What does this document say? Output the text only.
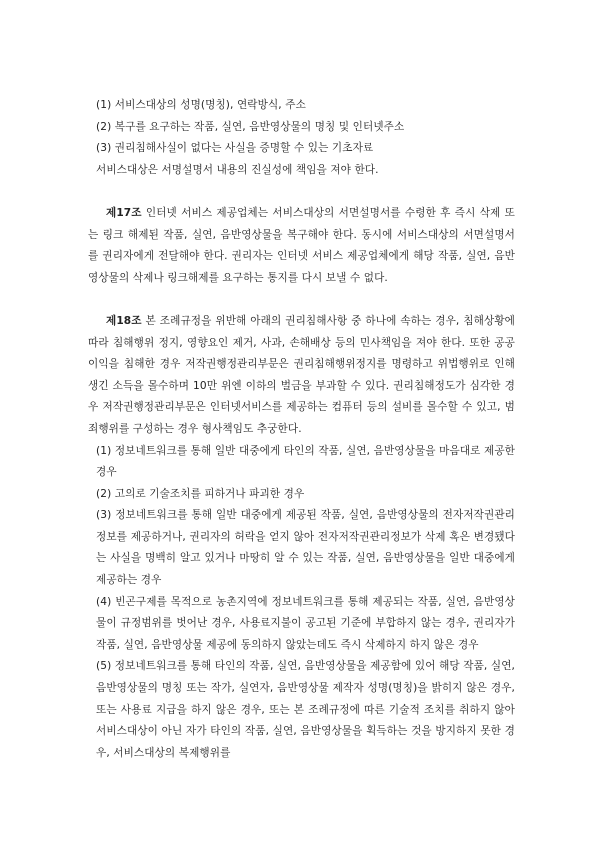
(1) 서비스대상의 성명(명칭), 연락방식, 주소
(2) 복구를 요구하는 작품, 실연, 음반영상물의 명칭 및 인터넷주소
(3) 권리침해사실이 없다는 사실을 증명할 수 있는 기초자료
서비스대상은 서명설명서 내용의 진실성에 책임을 져야 한다.

제17조 인터넷 서비스 제공업체는 서비스대상의 서면설명서를 수령한 후 즉시 삭제 또는 링크 해제된 작품, 실연, 음반영상물을 복구해야 한다. 동시에 서비스대상의 서면설명서를 권리자에게 전달해야 한다. 권리자는 인터넷 서비스 제공업체에게 해당 작품, 실연, 음반영상물의 삭제나 링크해제를 요구하는 통지를 다시 보낼 수 없다.

제18조 본 조례규정을 위반해 아래의 권리침해사항 중 하나에 속하는 경우, 침해상황에 따라 침해행위 정지, 영향요인 제거, 사과, 손해배상 등의 민사책임을 져야 한다. 또한 공공이익을 침해한 경우 저작권행정관리부문은 권리침해행위정지를 명령하고 위법행위로 인해 생긴 소득을 몰수하며 10만 위엔 이하의 벌금을 부과할 수 있다. 권리침해정도가 심각한 경우 저작권행정관리부문은 인터넷서비스를 제공하는 컴퓨터 등의 설비를 몰수할 수 있고, 범죄행위를 구성하는 경우 형사책임도 추궁한다.

(1) 정보네트워크를 통해 일반 대중에게 타인의 작품, 실연, 음반영상물을 마음대로 제공한 경우
(2) 고의로 기술조치를 피하거나 파괴한 경우
(3) 정보네트워크를 통해 일반 대중에게 제공된 작품, 실연, 음반영상물의 전자저작권관리정보를 제공하거나, 권리자의 허락을 얻지 않아 전자저작권관리정보가 삭제 혹은 변경됐다는 사실을 명백히 알고 있거나 마땅히 알 수 있는 작품, 실연, 음반영상물을 일반 대중에게 제공하는 경우
(4) 빈곤구제를 목적으로 농촌지역에 정보네트워크를 통해 제공되는 작품, 실연, 음반영상물이 규정범위를 벗어난 경우, 사용료지불이 공고된 기준에 부합하지 않는 경우, 권리자가 작품, 실연, 음반영상물 제공에 동의하지 않았는데도 즉시 삭제하지 하지 않은 경우
(5) 정보네트워크를 통해 타인의 작품, 실연, 음반영상물을 제공함에 있어 해당 작품, 실연, 음반영상물의 명칭 또는 작가, 실연자, 음반영상물 제작자 성명(명칭)을 밝히지 않은 경우, 또는 사용료 지급을 하지 않은 경우, 또는 본 조례규정에 따른 기술적 조치를 취하지 않아 서비스대상이 아닌 자가 타인의 작품, 실연, 음반영상물을 획득하는 것을 방지하지 못한 경우, 서비스대상의 복제행위를
